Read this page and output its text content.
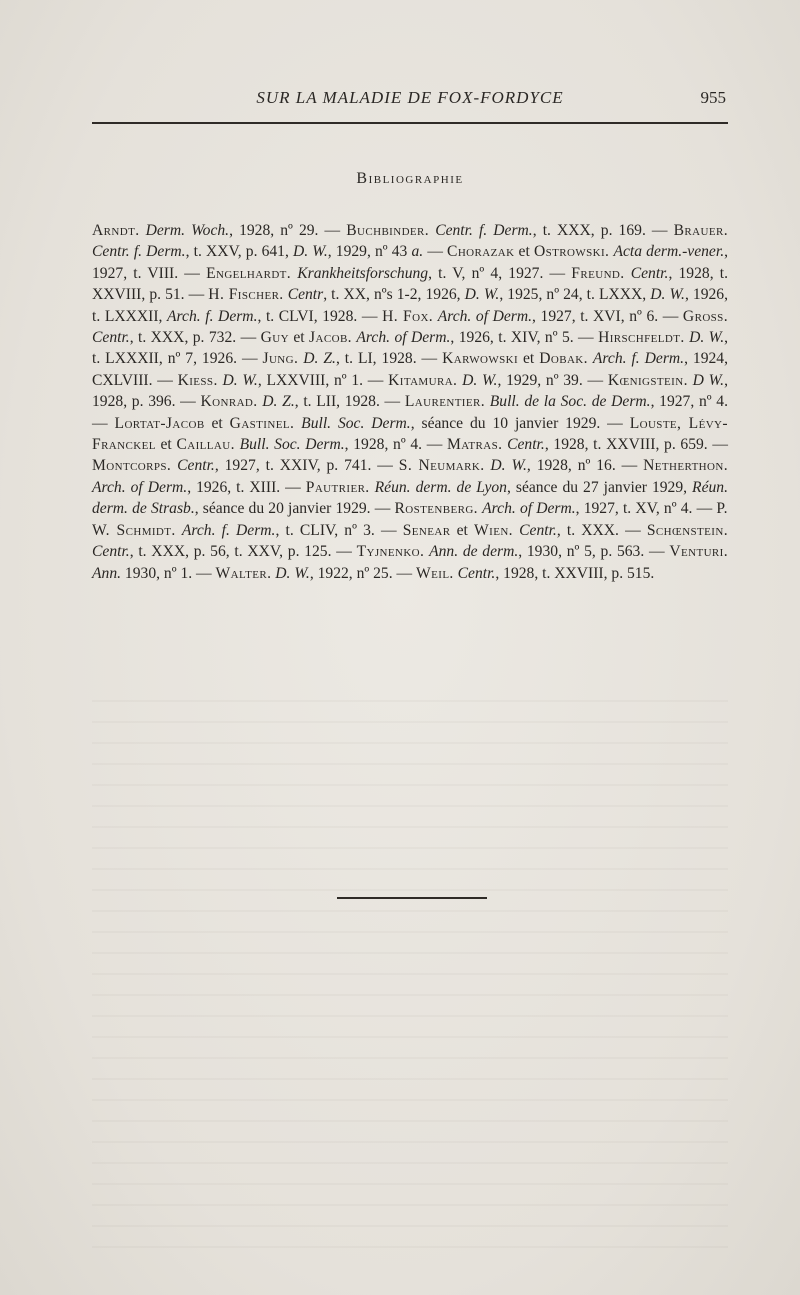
SUR LA MALADIE DE FOX-FORDYCE	955
Bibliographie
Arndt. Derm. Woch., 1928, nº 29. — Buchbinder. Centr. f. Derm., t. XXX, p. 169. — Brauer. Centr. f. Derm., t. XXV, p. 641, D. W., 1929, nº 43 a. — Chorazak et Ostrowski. Acta derm.-vener., 1927, t. VIII. — Engelhardt. Krankheitsforschung, t. V, nº 4, 1927. — Freund. Centr., 1928, t. XXVIII, p. 51. — H. Fischer. Centr, t. XX, nºs 1-2, 1926, D. W., 1925, nº 24, t. LXXX, D. W., 1926, t. LXXXII, Arch. f. Derm., t. CLVI, 1928. — H. Fox. Arch. of Derm., 1927, t. XVI, nº 6. — Gross. Centr., t. XXX, p. 732. — Guy et Jacob. Arch. of Derm., 1926, t. XIV, nº 5. — Hirschfeldt. D. W., t. LXXXII, nº 7, 1926. — Jung. D. Z., t. LI, 1928. — Karwowski et Dobak. Arch. f. Derm., 1924, CXLVIII. — Kiess. D. W., LXXVIII, nº 1. — Kitamura. D. W., 1929, nº 39. — Kœnigstein. D W., 1928, p. 396. — Konrad. D. Z., t. LII, 1928. — Laurentier. Bull. de la Soc. de Derm., 1927, nº 4. — Lortat-Jacob et Gastinel. Bull. Soc. Derm., séance du 10 janvier 1929. — Louste, Lévy-Franckel et Caillau. Bull. Soc. Derm., 1928, nº 4. — Matras. Centr., 1928, t. XXVIII, p. 659. — Montcorps. Centr., 1927, t. XXIV, p. 741. — S. Neumark. D. W., 1928, nº 16. — Netherthon. Arch. of Derm., 1926, t. XIII. — Pautrier. Réun. derm. de Lyon, séance du 27 janvier 1929, Réun. derm. de Strasb., séance du 20 janvier 1929. — Rostenberg. Arch. of Derm., 1927, t. XV, nº 4. — P. W. Schmidt. Arch. f. Derm., t. CLIV, nº 3. — Senear et Wien. Centr., t. XXX. — Schœnstein. Centr., t. XXX, p. 56, t. XXV, p. 125. — Tyjnenko. Ann. de derm., 1930, nº 5, p. 563. — Venturi. Ann. 1930, nº 1. — Walter. D. W., 1922, nº 25. — Weil. Centr., 1928, t. XXVIII, p. 515.
